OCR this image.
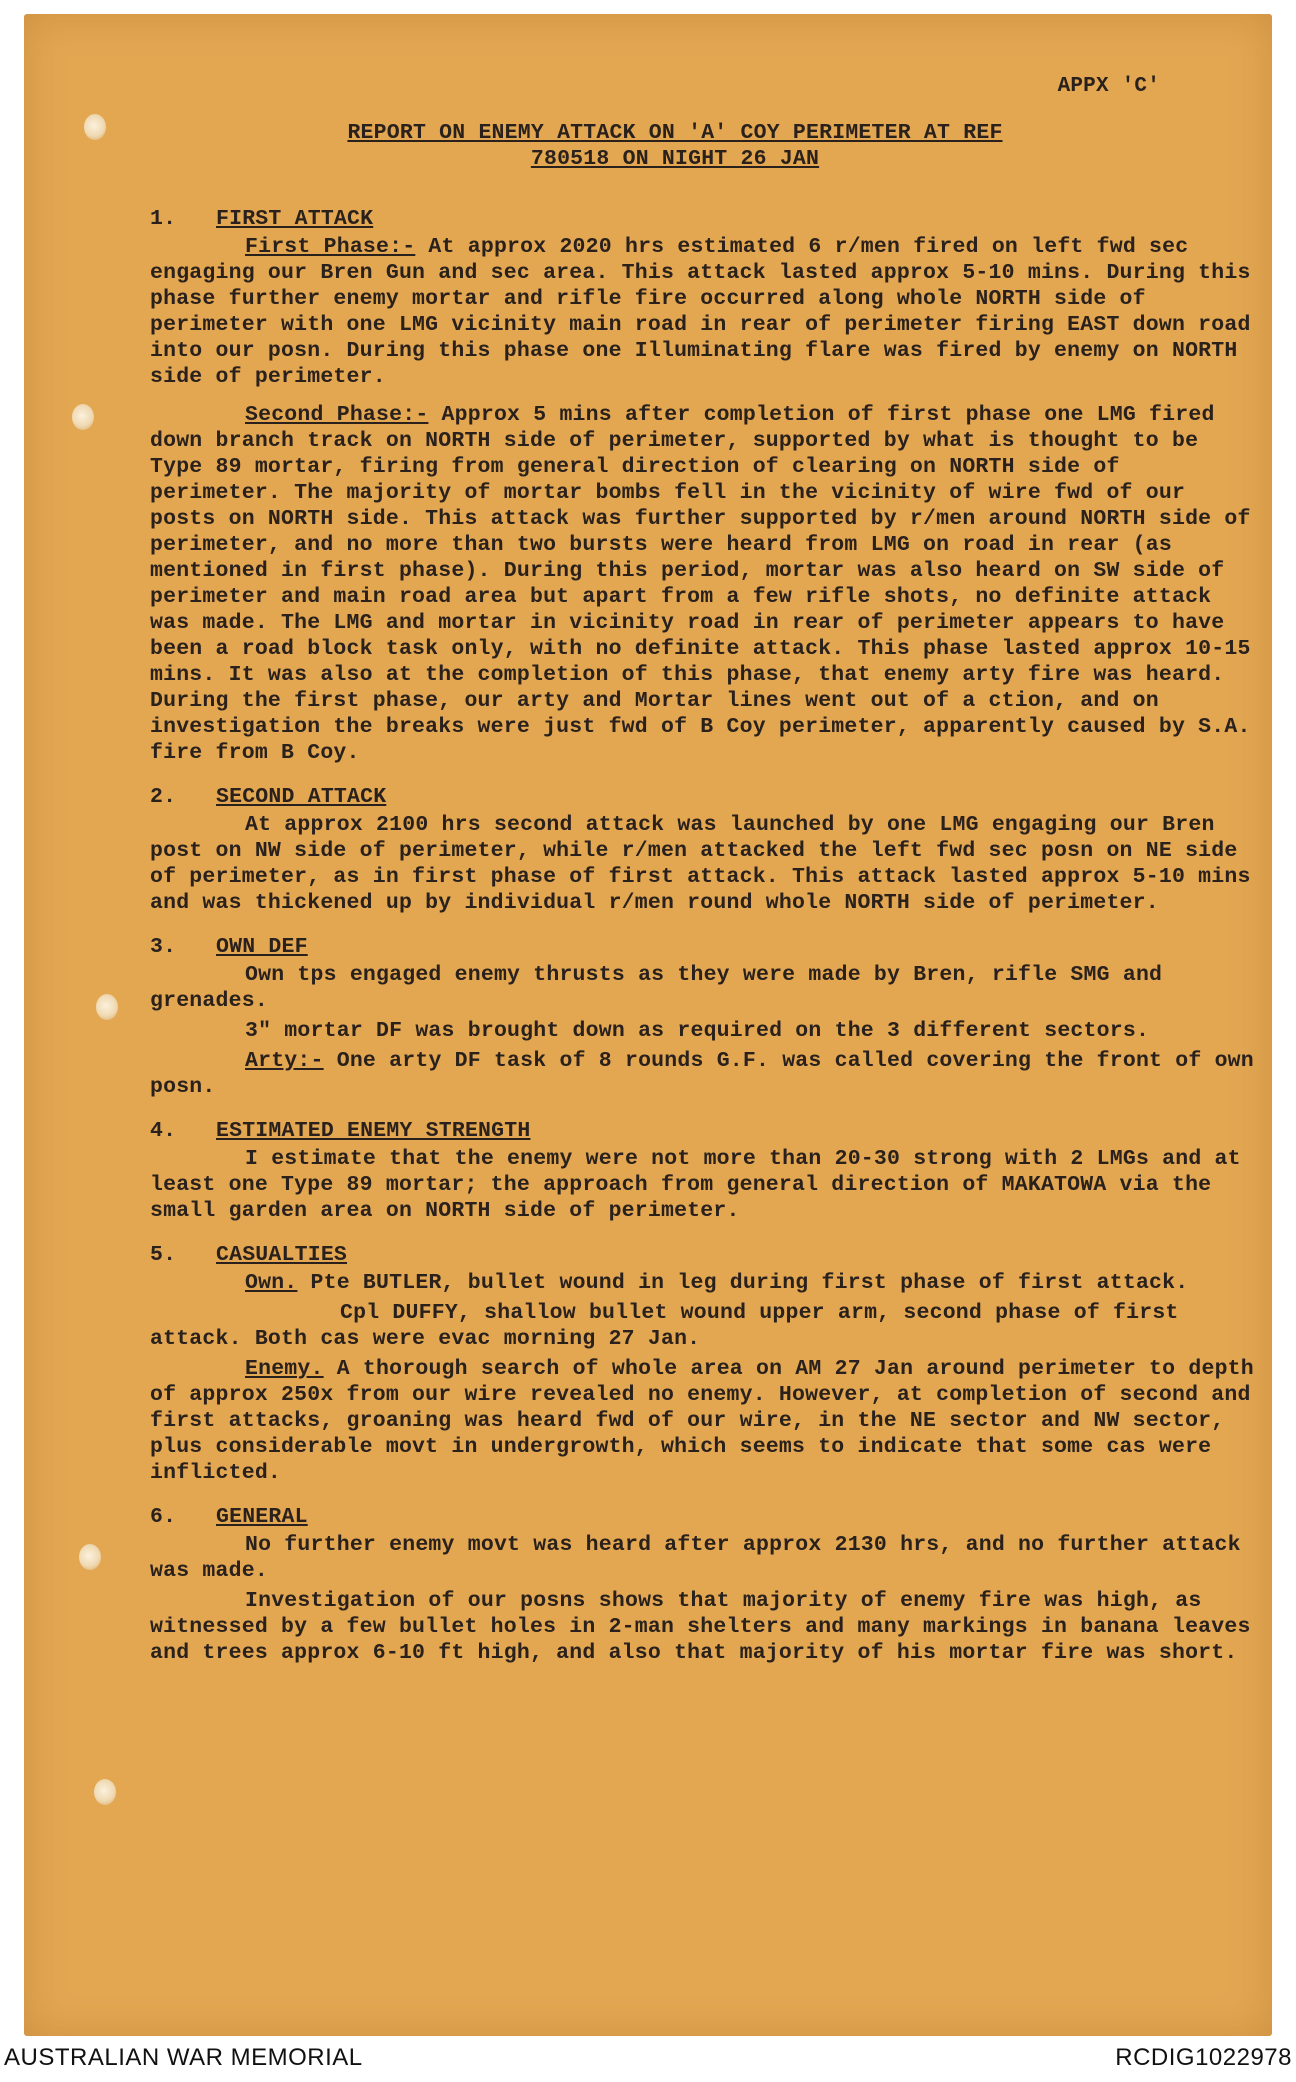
APPX 'C'
REPORT ON ENEMY ATTACK ON 'A' COY PERIMETER AT REF
780518 ON NIGHT 26 JAN
1. FIRST ATTACK

First Phase:- At approx 2020 hrs estimated 6 r/men fired on left fwd sec engaging our Bren Gun and sec area. This attack lasted approx 5-10 mins. During this phase further enemy mortar and rifle fire occurred along whole NORTH side of perimeter with one LMG vicinity main road in rear of perimeter firing EAST down road into our posn. During this phase one Illuminating flare was fired by enemy on NORTH side of perimeter.

Second Phase:- Approx 5 mins after completion of first phase one LMG fired down branch track on NORTH side of perimeter, supported by what is thought to be Type 89 mortar, firing from general direction of clearing on NORTH side of perimeter. The majority of mortar bombs fell in the vicinity of wire fwd of our posts on NORTH side. This attack was further supported by r/men around NORTH side of perimeter, and no more than two bursts were heard from LMG on road in rear (as mentioned in first phase). During this period, mortar was also heard on SW side of perimeter and main road area but apart from a few rifle shots, no definite attack was made. The LMG and mortar in vicinity road in rear of perimeter appears to have been a road block task only, with no definite attack. This phase lasted approx 10-15 mins. It was also at the completion of this phase, that enemy arty fire was heard. During the first phase, our arty and Mortar lines went out of a ction, and on investigation the breaks were just fwd of B Coy perimeter, apparently caused by S.A. fire from B Coy.

2. SECOND ATTACK

At approx 2100 hrs second attack was launched by one LMG engaging our Bren post on NW side of perimeter, while r/men attacked the left fwd sec posn on NE side of perimeter, as in first phase of first attack. This attack lasted approx 5-10 mins and was thickened up by individual r/men round whole NORTH side of perimeter.

3. OWN DEF

Own tps engaged enemy thrusts as they were made by Bren, rifle SMG and grenades.

3" mortar DF was brought down as required on the 3 different sectors.

Arty:- One arty DF task of 8 rounds G.F. was called covering the front of own posn.

4. ESTIMATED ENEMY STRENGTH

I estimate that the enemy were not more than 20-30 strong with 2 LMGs and at least one Type 89 mortar; the approach from general direction of MAKATOWA via the small garden area on NORTH side of perimeter.

5. CASUALTIES

Own. Pte BUTLER, bullet wound in leg during first phase of first attack.

Cpl DUFFY, shallow bullet wound upper arm, second phase of first attack. Both cas were evac morning 27 Jan.

Enemy. A thorough search of whole area on AM 27 Jan around perimeter to depth of approx 250x from our wire revealed no enemy. However, at completion of second and first attacks, groaning was heard fwd of our wire, in the NE sector and NW sector, plus considerable movt in undergrowth, which seems to indicate that some cas were inflicted.

6. GENERAL

No further enemy movt was heard after approx 2130 hrs, and no further attack was made.

Investigation of our posns shows that majority of enemy fire was high, as witnessed by a few bullet holes in 2-man shelters and many markings in banana leaves and trees approx 6-10 ft high, and also that majority of his mortar fire was short.

AUSTRALIAN WAR MEMORIAL	RCDIG1022978
